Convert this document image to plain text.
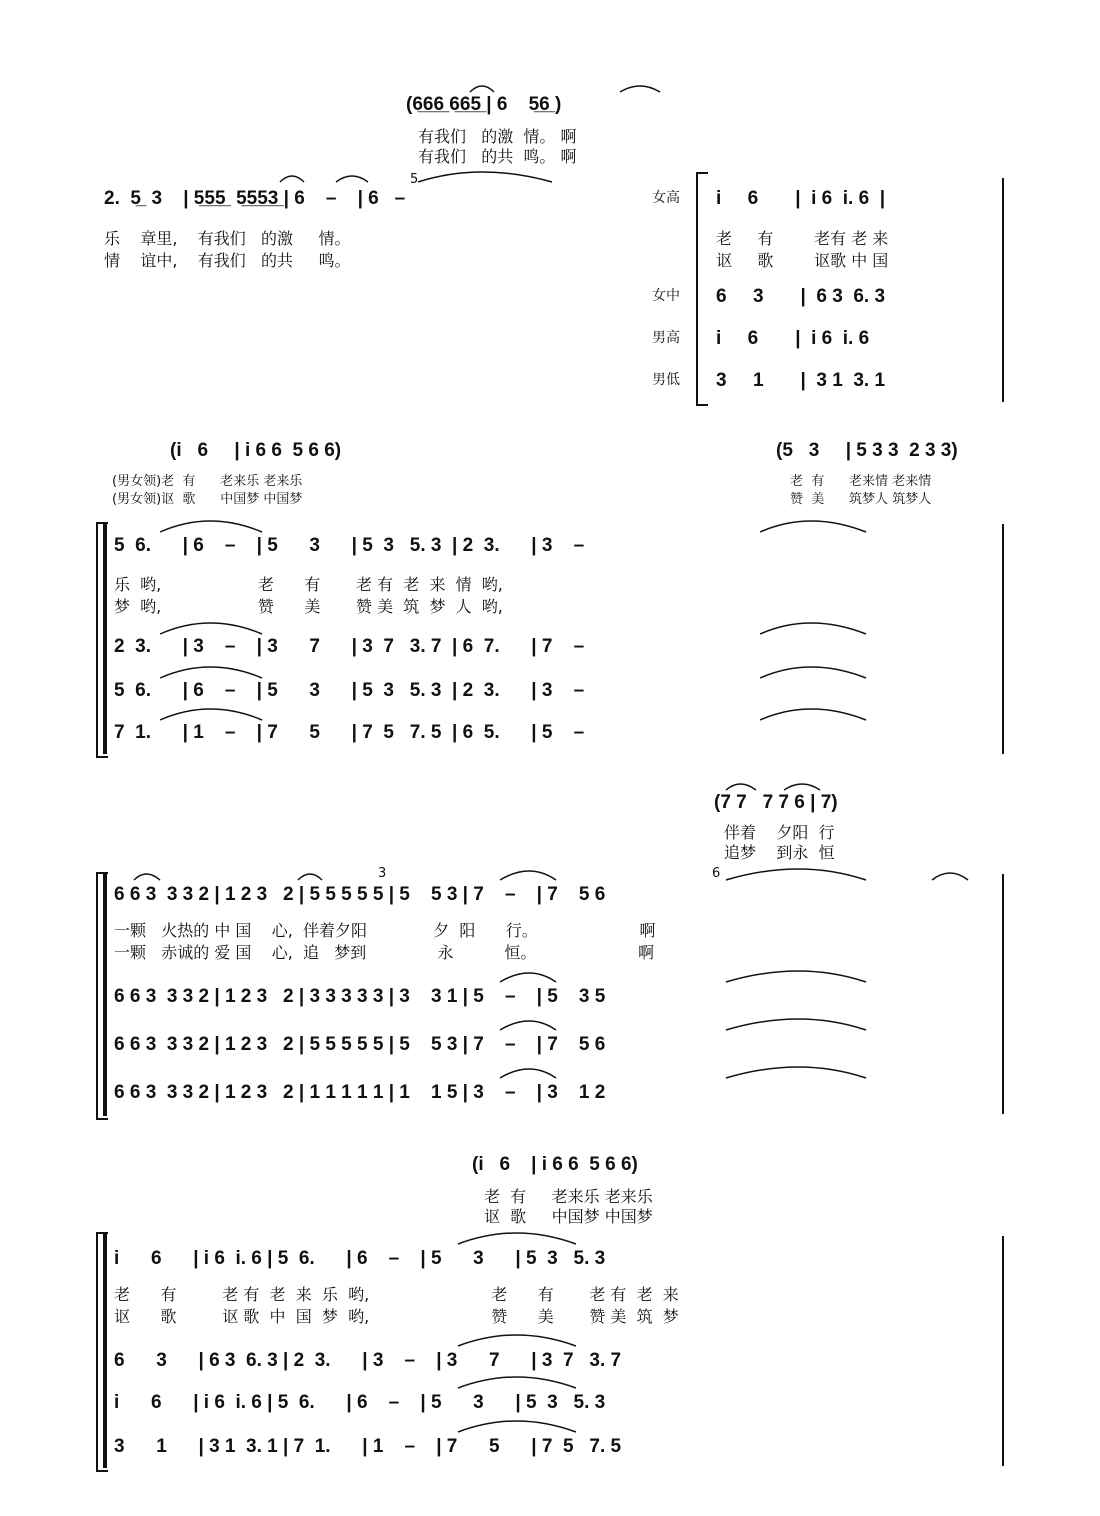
(6̲6̲6̲ 6̲6̲5̲ | 6    5̲6̲ )
有我们   的激  情。 啊
有我们   的共  鸣。 啊
2.  5̲  3    | 5̲5̲5̲  5̲5̲5̲3̲ | 6    –    | 6   –
5
乐    章里,    有我们   的激     情。
情    谊中,    有我们   的共     鸣。
女高
女中
男高
男低
i     6       |  i 6  i. 6  |
老     有        老有 老 来
讴     歌        讴歌 中 国
6     3       |  6 3  6. 3
i     6       |  i 6  i. 6
3     1       |  3 1  3. 1
(i   6     | i 6 6  5 6 6)
(男女领)老  有      老来乐 老来乐
(男女领)讴  歌      中国梦 中国梦
(5   3     | 5 3 3  2 3 3)
老  有      老来情 老来情
赞  美      筑梦人 筑梦人
5  6.      | 6    –    | 5      3      | 5  3   5. 3  | 2  3.      | 3    –
乐  哟,                   老      有       老 有  老  来  情  哟,
梦  哟,                   赞      美       赞 美  筑  梦  人  哟,
2  3.      | 3    –    | 3      7      | 3  7   3. 7  | 6  7.      | 7    –
5  6.      | 6    –    | 5      3      | 5  3   5. 3  | 2  3.      | 3    –
7  1.      | 1    –    | 7      5      | 7  5   7. 5  | 6  5.      | 5    –
(7 7   7 7 6 | 7)
伴着    夕阳  行
追梦    到永  恒
3	6
6 6 3  3 3 2 | 1 2 3   2 | 5 5 5 5 5 | 5    5 3 | 7    –    | 7    5 6
一颗   火热的 中 国    心,  伴着夕阳             夕  阳      行。                    啊
一颗   赤诚的 爱 国    心,  追   梦到              永          恒。                    啊
6 6 3  3 3 2 | 1 2 3   2 | 3 3 3 3 3 | 3    3 1 | 5    –    | 5    3 5
6 6 3  3 3 2 | 1 2 3   2 | 5 5 5 5 5 | 5    5 3 | 7    –    | 7    5 6
6 6 3  3 3 2 | 1 2 3   2 | 1 1 1 1 1 | 1    1 5 | 3    –    | 3    1 2
(i   6    | i 6 6  5 6 6)
老  有     老来乐 老来乐
讴  歌     中国梦 中国梦
i      6      | i 6  i. 6 | 5  6.      | 6    –    | 5      3      | 5  3   5. 3
老      有         老 有  老  来  乐  哟,                        老      有       老 有  老  来
讴      歌         讴 歌  中  国  梦  哟,                        赞      美       赞 美  筑  梦
6      3      | 6 3  6. 3 | 2  3.      | 3    –    | 3      7      | 3  7   3. 7
i      6      | i 6  i. 6 | 5  6.      | 6    –    | 5      3      | 5  3   5. 3
3      1      | 3 1  3. 1 | 7  1.      | 1    –    | 7      5      | 7  5   7. 5
